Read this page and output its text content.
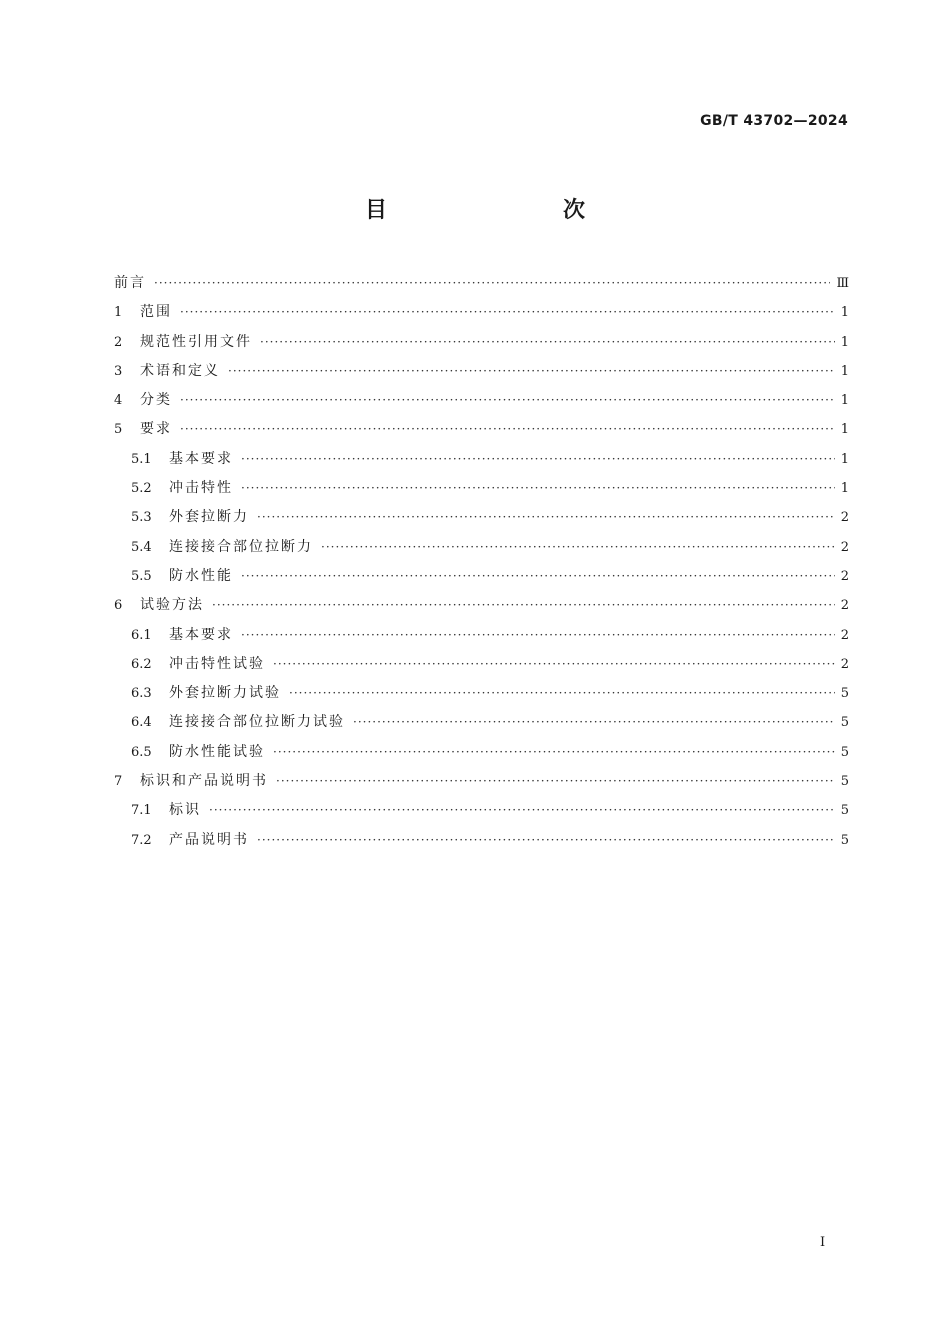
GB/T 43702—2024
目　　次
前言 ·····	Ⅲ
1	范围 ·····	1
2	规范性引用文件 ·····	1
3	术语和定义 ·····	1
4	分类 ·····	1
5	要求 ·····	1
5.1	基本要求 ·····	1
5.2	冲击特性 ·····	1
5.3	外套拉断力 ·····	2
5.4	连接接合部位拉断力 ·····	2
5.5	防水性能 ·····	2
6	试验方法 ·····	2
6.1	基本要求 ·····	2
6.2	冲击特性试验 ·····	2
6.3	外套拉断力试验 ·····	5
6.4	连接接合部位拉断力试验 ·····	5
6.5	防水性能试验 ·····	5
7	标识和产品说明书 ·····	5
7.1	标识 ·····	5
7.2	产品说明书 ·····	5
I
